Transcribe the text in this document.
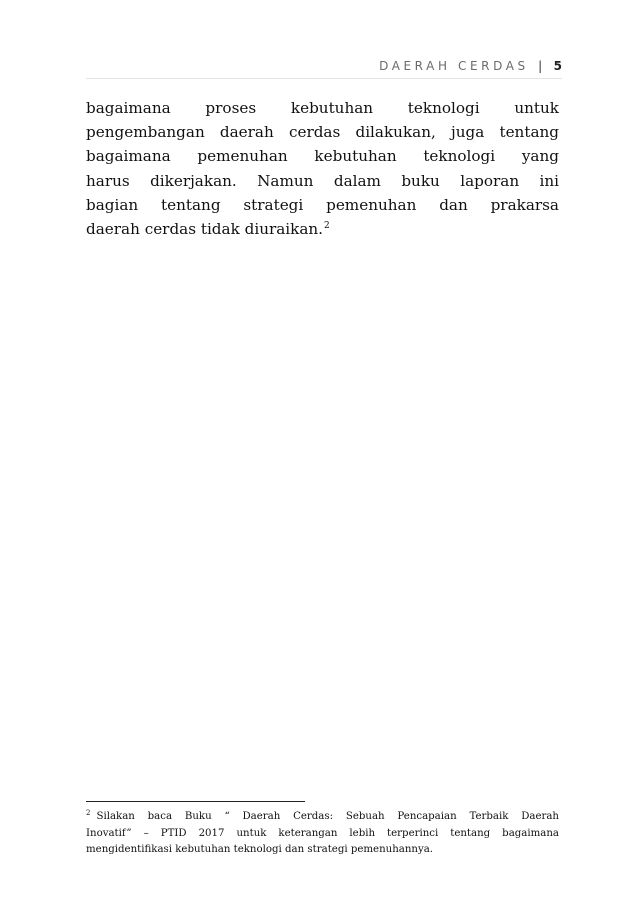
DAERAH CERDAS | 5
bagaimana proses kebutuhan teknologi untuk
pengembangan daerah cerdas dilakukan, juga tentang
bagaimana pemenuhan kebutuhan teknologi yang
harus dikerjakan. Namun dalam buku laporan ini
bagian tentang strategi pemenuhan dan prakarsa
daerah cerdas tidak diuraikan.$^2$
$^2$ Silakan baca Buku “ Daerah Cerdas: Sebuah Pencapaian Terbaik Daerah
Inovatif” – PTID 2017 untuk keterangan lebih terperinci tentang bagaimana
mengidentifikasi kebutuhan teknologi dan strategi pemenuhannya.
